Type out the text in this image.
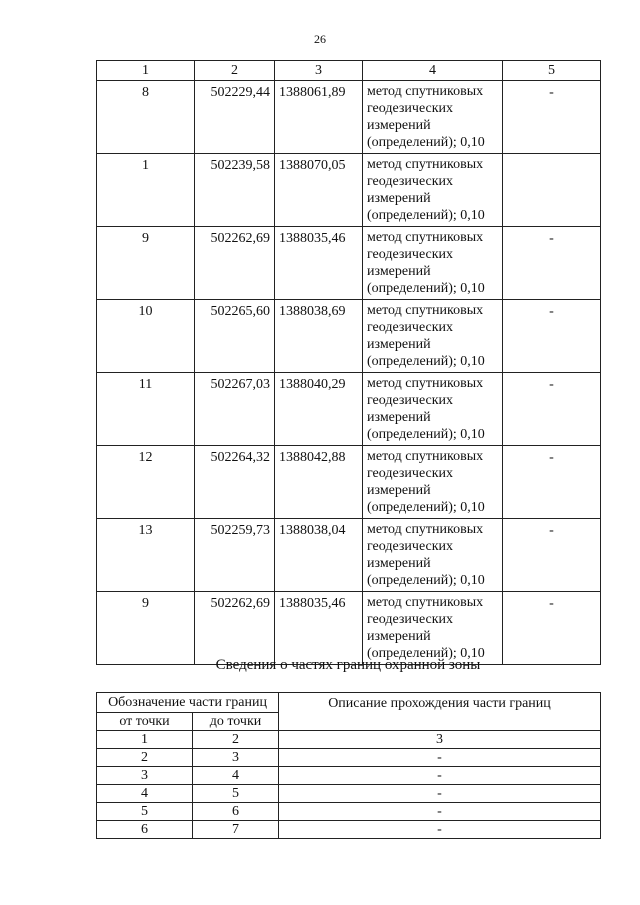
26
1	2	3	4	5
8	502229,44	1388061,89	метод спутниковых
геодезических
измерений
(определений); 0,10	-
1	502239,58	1388070,05	метод спутниковых
геодезических
измерений
(определений); 0,10	

9	502262,69	1388035,46	метод спутниковых
геодезических
измерений
(определений); 0,10	-
10	502265,60	1388038,69	метод спутниковых
геодезических
измерений
(определений); 0,10	-
11	502267,03	1388040,29	метод спутниковых
геодезических
измерений
(определений); 0,10	-
12	502264,32	1388042,88	метод спутниковых
геодезических
измерений
(определений); 0,10	-
13	502259,73	1388038,04	метод спутниковых
геодезических
измерений
(определений); 0,10	-
9	502262,69	1388035,46	метод спутниковых
геодезических
измерений
(определений); 0,10	-
Сведения о частях границ охранной зоны
Обозначение части границ		Описание прохождения части границ
от точки	до точки	
1	2	3
2	3	-
3	4	-
4	5	-
5	6	-
6	7	-
